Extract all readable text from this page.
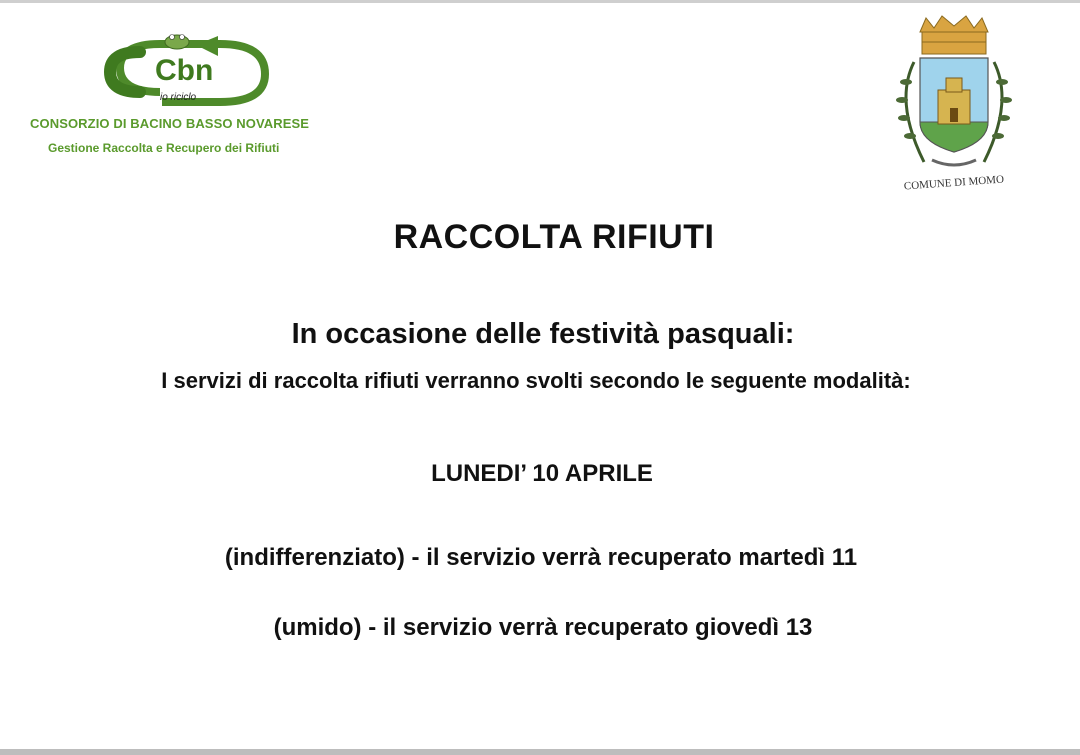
Cbn
io riciclo
CONSORZIO DI BACINO BASSO NOVARESE
Gestione Raccolta e Recupero dei Rifiuti
COMUNE DI MOMO
RACCOLTA RIFIUTI
In occasione delle festività pasquali:
I servizi di raccolta rifiuti verranno svolti secondo le seguente modalità:
LUNEDI’ 10 APRILE
(indifferenziato) - il servizio verrà recuperato martedì 11
(umido) - il servizio verrà recuperato giovedì 13
